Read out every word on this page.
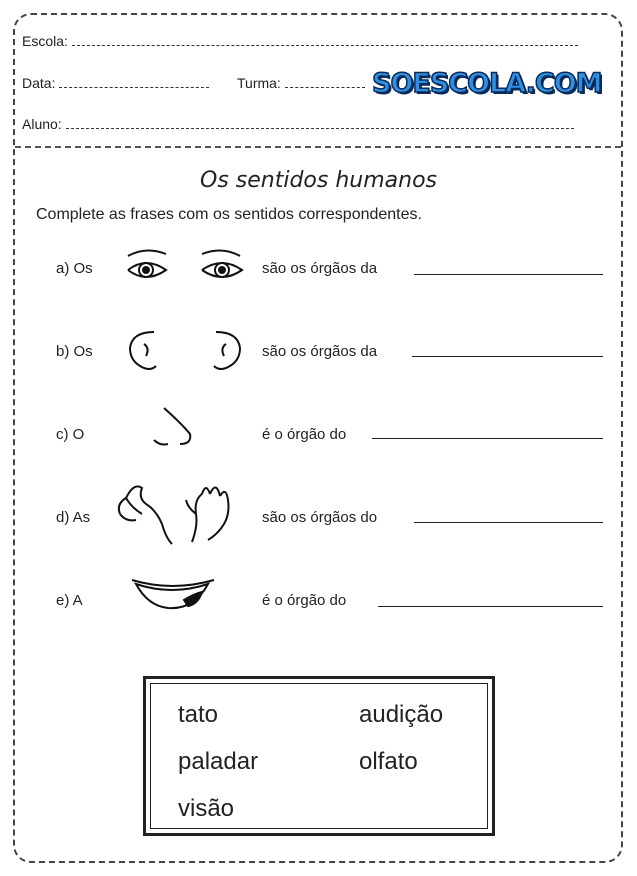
Escola:
Data:	Turma:	SOESCOLA.COM
Aluno:
Os sentidos humanos
Complete as frases com os sentidos correspondentes.
a) Os	são os órgãos da
b) Os	são os órgãos da
c) O	é o órgão do
d) As	são os órgãos do
e) A	é o órgão do
tato	audição
paladar	olfato
visão
